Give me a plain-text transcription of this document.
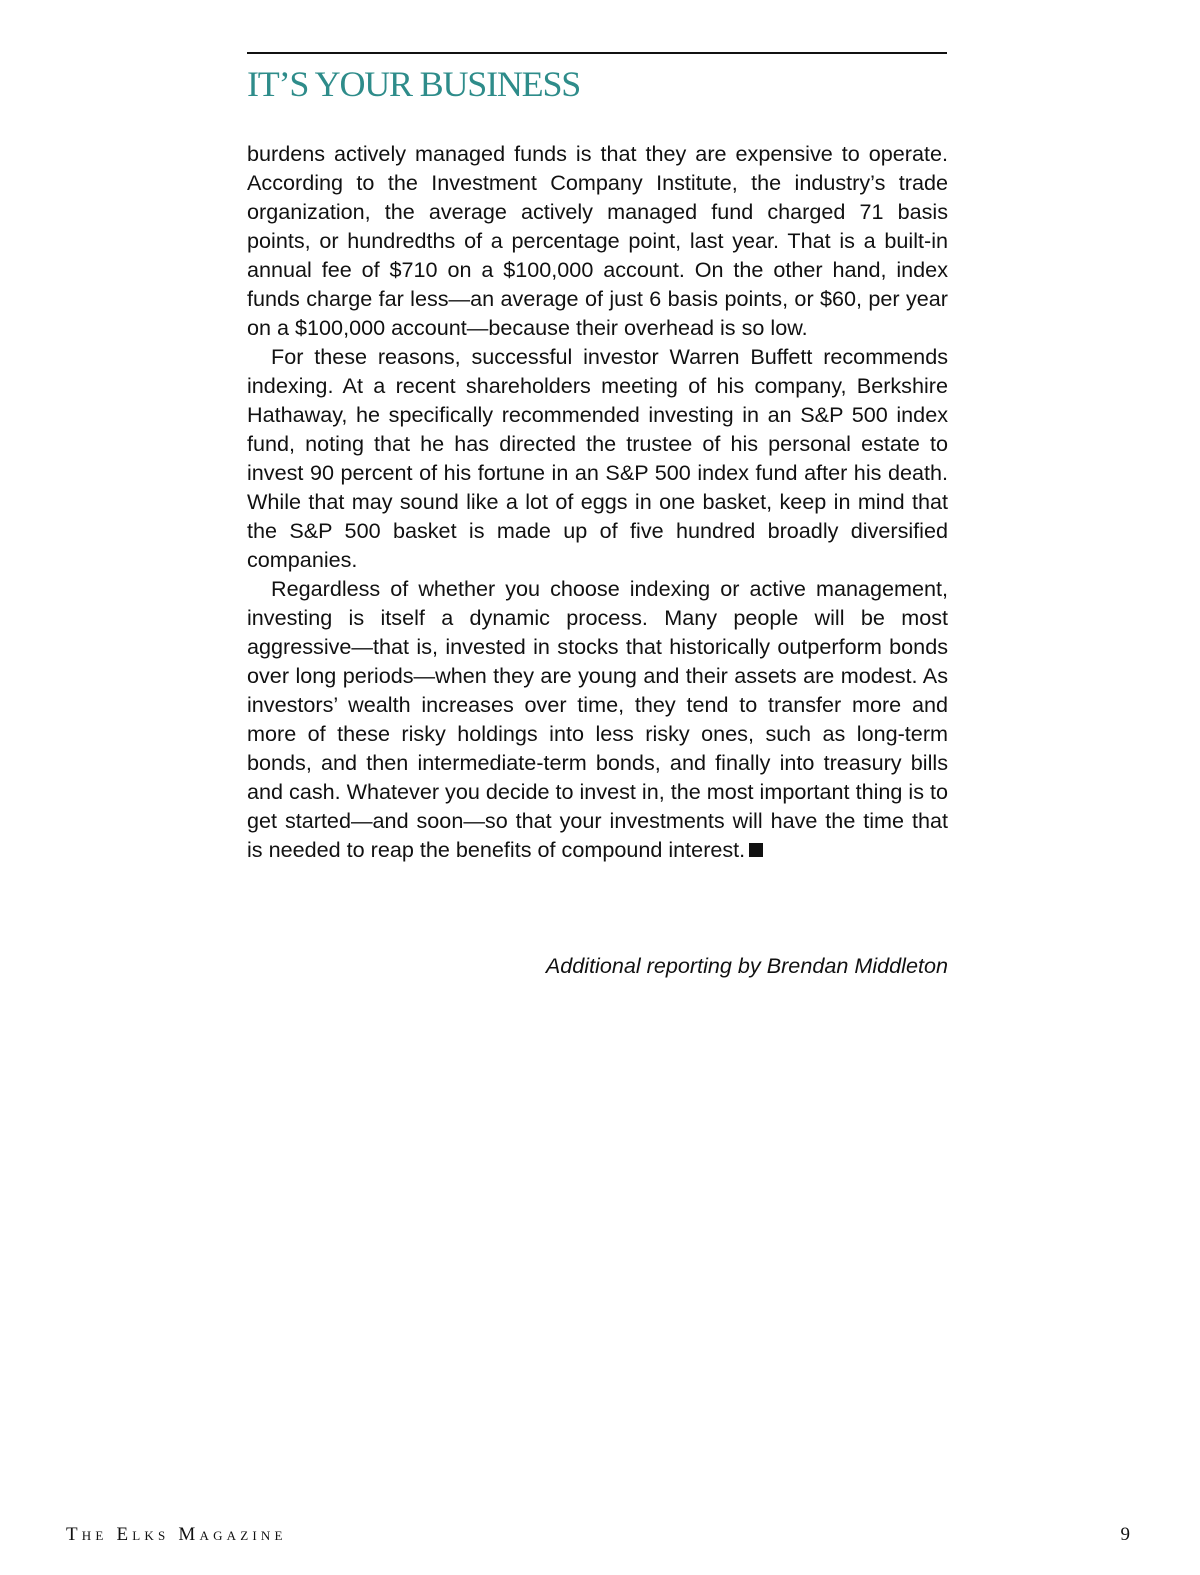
IT’S YOUR BUSINESS

burdens actively managed funds is that they are expensive to operate. According to the Investment Company Institute, the industry’s trade organization, the average actively managed fund charged 71 basis points, or hundredths of a percentage point, last year. That is a built-in annual fee of $710 on a $100,000 account. On the other hand, index funds charge far less—an average of just 6 basis points, or $60, per year on a $100,000 account—because their overhead is so low.

For these reasons, successful investor Warren Buffett recommends indexing. At a recent shareholders meeting of his company, Berkshire Hathaway, he specifically recommended investing in an S&P 500 index fund, noting that he has directed the trustee of his personal estate to invest 90 percent of his fortune in an S&P 500 index fund after his death. While that may sound like a lot of eggs in one basket, keep in mind that the S&P 500 basket is made up of five hundred broadly diversified companies.

Regardless of whether you choose indexing or active management, investing is itself a dynamic process. Many people will be most aggressive—that is, invested in stocks that historically outperform bonds over long periods—when they are young and their assets are modest. As investors’ wealth increases over time, they tend to transfer more and more of these risky holdings into less risky ones, such as long-term bonds, and then intermediate-term bonds, and finally into treasury bills and cash. Whatever you decide to invest in, the most important thing is to get started—and soon—so that your investments will have the time that is needed to reap the benefits of compound interest.

Additional reporting by Brendan Middleton
The Elks Magazine	9
